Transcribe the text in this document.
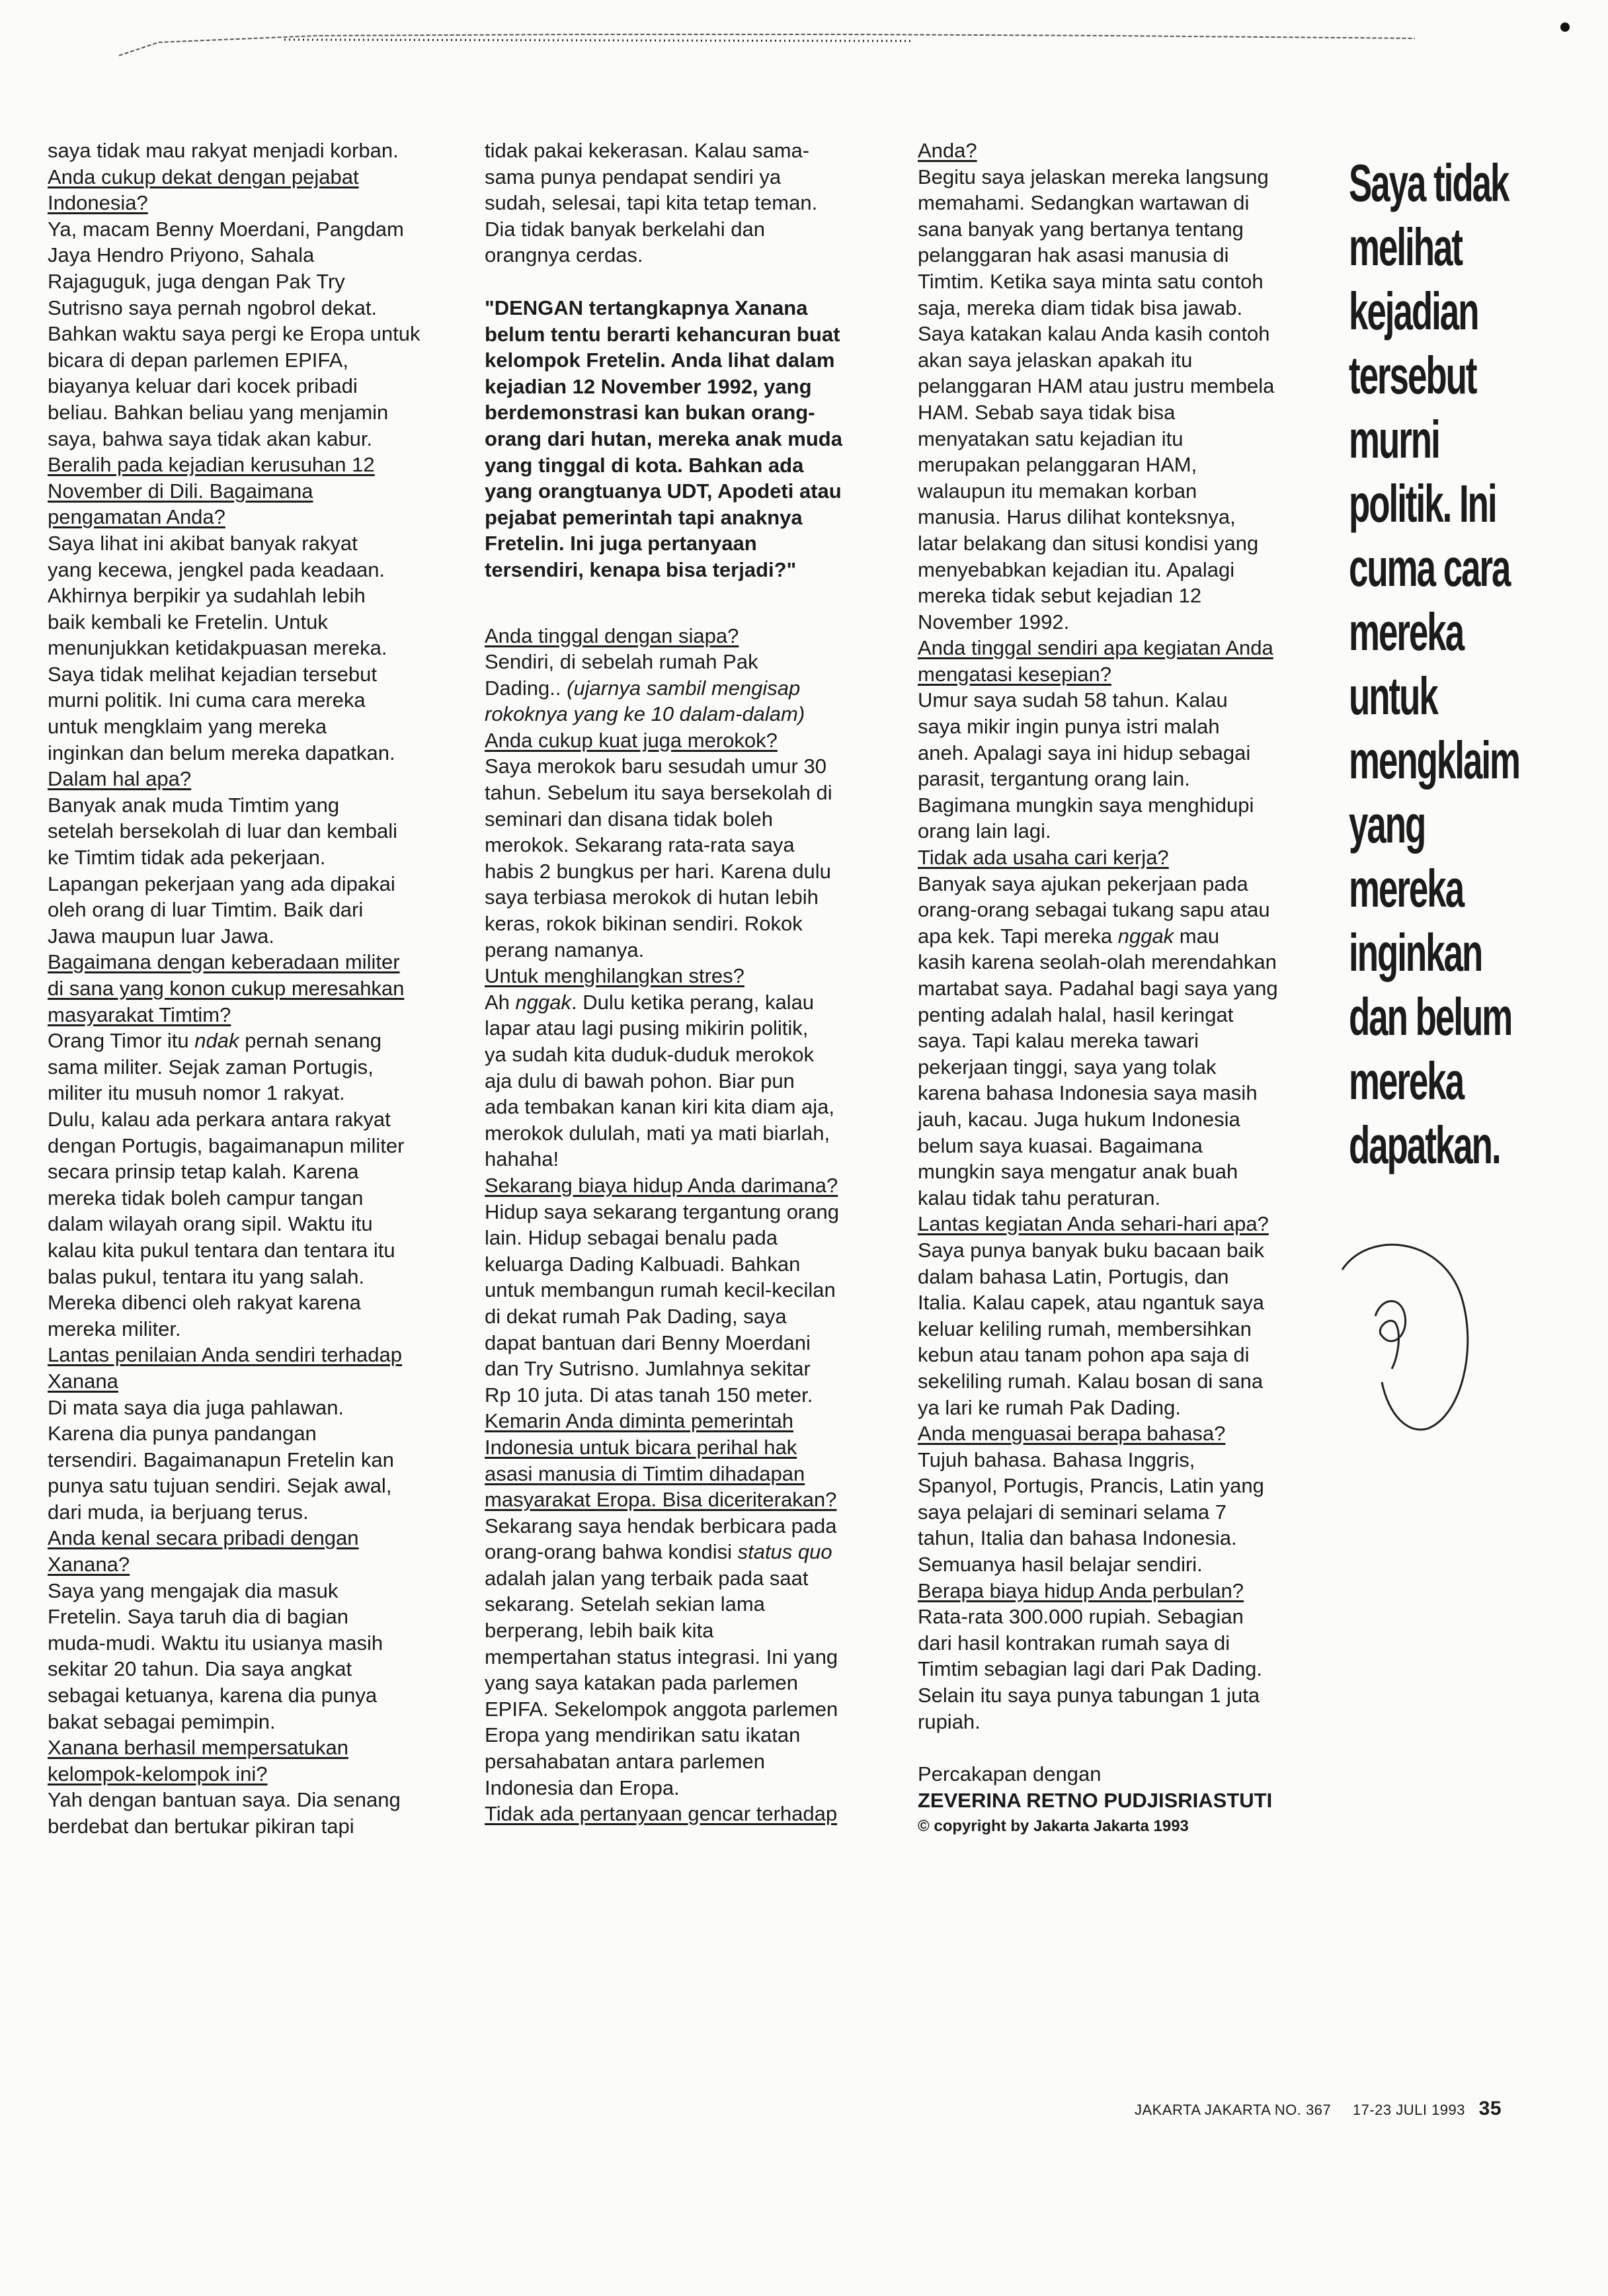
saya tidak mau rakyat menjadi korban.

Anda cukup dekat dengan pejabat

Indonesia?

Ya, macam Benny Moerdani, Pangdam

Jaya Hendro Priyono, Sahala

Rajaguguk, juga dengan Pak Try

Sutrisno saya pernah ngobrol dekat.

Bahkan waktu saya pergi ke Eropa untuk

bicara di depan parlemen EPIFA,

biayanya keluar dari kocek pribadi

beliau. Bahkan beliau yang menjamin

saya, bahwa saya tidak akan kabur.

Beralih pada kejadian kerusuhan 12

November di Dili. Bagaimana

pengamatan Anda?

Saya lihat ini akibat banyak rakyat

yang kecewa, jengkel pada keadaan.

Akhirnya berpikir ya sudahlah lebih

baik kembali ke Fretelin. Untuk

menunjukkan ketidakpuasan mereka.

Saya tidak melihat kejadian tersebut

murni politik. Ini cuma cara mereka

untuk mengklaim yang mereka

inginkan dan belum mereka dapatkan.

Dalam hal apa?

Banyak anak muda Timtim yang

setelah bersekolah di luar dan kembali

ke Timtim tidak ada pekerjaan.

Lapangan pekerjaan yang ada dipakai

oleh orang di luar Timtim. Baik dari

Jawa maupun luar Jawa.

Bagaimana dengan keberadaan militer

di sana yang konon cukup meresahkan

masyarakat Timtim?

Orang Timor itu ndak pernah senang

sama militer. Sejak zaman Portugis,

militer itu musuh nomor 1 rakyat.

Dulu, kalau ada perkara antara rakyat

dengan Portugis, bagaimanapun militer

secara prinsip tetap kalah. Karena

mereka tidak boleh campur tangan

dalam wilayah orang sipil. Waktu itu

kalau kita pukul tentara dan tentara itu

balas pukul, tentara itu yang salah.

Mereka dibenci oleh rakyat karena

mereka militer.

Lantas penilaian Anda sendiri terhadap

Xanana

Di mata saya dia juga pahlawan.

Karena dia punya pandangan

tersendiri. Bagaimanapun Fretelin kan

punya satu tujuan sendiri. Sejak awal,

dari muda, ia berjuang terus.

Anda kenal secara pribadi dengan

Xanana?

Saya yang mengajak dia masuk

Fretelin. Saya taruh dia di bagian

muda-mudi. Waktu itu usianya masih

sekitar 20 tahun. Dia saya angkat

sebagai ketuanya, karena dia punya

bakat sebagai pemimpin.

Xanana berhasil mempersatukan

kelompok-kelompok ini?

Yah dengan bantuan saya. Dia senang

berdebat dan bertukar pikiran tapi

tidak pakai kekerasan. Kalau sama-

sama punya pendapat sendiri ya

sudah, selesai, tapi kita tetap teman.

Dia tidak banyak berkelahi dan

orangnya cerdas.

"DENGAN tertangkapnya Xanana

belum tentu berarti kehancuran buat

kelompok Fretelin. Anda lihat dalam

kejadian 12 November 1992, yang

berdemonstrasi kan bukan orang-

orang dari hutan, mereka anak muda

yang tinggal di kota. Bahkan ada

yang orangtuanya UDT, Apodeti atau

pejabat pemerintah tapi anaknya

Fretelin. Ini juga pertanyaan

tersendiri, kenapa bisa terjadi?"

Anda tinggal dengan siapa?

Sendiri, di sebelah rumah Pak

Dading.. (ujarnya sambil mengisap

rokoknya yang ke 10 dalam-dalam)

Anda cukup kuat juga merokok?

Saya merokok baru sesudah umur 30

tahun. Sebelum itu saya bersekolah di

seminari dan disana tidak boleh

merokok. Sekarang rata-rata saya

habis 2 bungkus per hari. Karena dulu

saya terbiasa merokok di hutan lebih

keras, rokok bikinan sendiri. Rokok

perang namanya.

Untuk menghilangkan stres?

Ah nggak. Dulu ketika perang, kalau

lapar atau lagi pusing mikirin politik,

ya sudah kita duduk-duduk merokok

aja dulu di bawah pohon. Biar pun

ada tembakan kanan kiri kita diam aja,

merokok dululah, mati ya mati biarlah,

hahaha!

Sekarang biaya hidup Anda darimana?

Hidup saya sekarang tergantung orang

lain. Hidup sebagai benalu pada

keluarga Dading Kalbuadi. Bahkan

untuk membangun rumah kecil-kecilan

di dekat rumah Pak Dading, saya

dapat bantuan dari Benny Moerdani

dan Try Sutrisno. Jumlahnya sekitar

Rp 10 juta. Di atas tanah 150 meter.

Kemarin Anda diminta pemerintah

Indonesia untuk bicara perihal hak

asasi manusia di Timtim dihadapan

masyarakat Eropa. Bisa diceriterakan?

Sekarang saya hendak berbicara pada

orang-orang bahwa kondisi status quo

adalah jalan yang terbaik pada saat

sekarang. Setelah sekian lama

berperang, lebih baik kita

mempertahan status integrasi. Ini yang

yang saya katakan pada parlemen

EPIFA. Sekelompok anggota parlemen

Eropa yang mendirikan satu ikatan

persahabatan antara parlemen

Indonesia dan Eropa.

Tidak ada pertanyaan gencar terhadap

Anda?

Begitu saya jelaskan mereka langsung

memahami. Sedangkan wartawan di

sana banyak yang bertanya tentang

pelanggaran hak asasi manusia di

Timtim. Ketika saya minta satu contoh

saja, mereka diam tidak bisa jawab.

Saya katakan kalau Anda kasih contoh

akan saya jelaskan apakah itu

pelanggaran HAM atau justru membela

HAM. Sebab saya tidak bisa

menyatakan satu kejadian itu

merupakan pelanggaran HAM,

walaupun itu memakan korban

manusia. Harus dilihat konteksnya,

latar belakang dan situsi kondisi yang

menyebabkan kejadian itu. Apalagi

mereka tidak sebut kejadian 12

November 1992.

Anda tinggal sendiri apa kegiatan Anda

mengatasi kesepian?

Umur saya sudah 58 tahun. Kalau

saya mikir ingin punya istri malah

aneh. Apalagi saya ini hidup sebagai

parasit, tergantung orang lain.

Bagimana mungkin saya menghidupi

orang lain lagi.

Tidak ada usaha cari kerja?

Banyak saya ajukan pekerjaan pada

orang-orang sebagai tukang sapu atau

apa kek. Tapi mereka nggak mau

kasih karena seolah-olah merendahkan

martabat saya. Padahal bagi saya yang

penting adalah halal, hasil keringat

saya. Tapi kalau mereka tawari

pekerjaan tinggi, saya yang tolak

karena bahasa Indonesia saya masih

jauh, kacau. Juga hukum Indonesia

belum saya kuasai. Bagaimana

mungkin saya mengatur anak buah

kalau tidak tahu peraturan.

Lantas kegiatan Anda sehari-hari apa?

Saya punya banyak buku bacaan baik

dalam bahasa Latin, Portugis, dan

Italia. Kalau capek, atau ngantuk saya

keluar keliling rumah, membersihkan

kebun atau tanam pohon apa saja di

sekeliling rumah. Kalau bosan di sana

ya lari ke rumah Pak Dading.

Anda menguasai berapa bahasa?

Tujuh bahasa. Bahasa Inggris,

Spanyol, Portugis, Prancis, Latin yang

saya pelajari di seminari selama 7

tahun, Italia dan bahasa Indonesia.

Semuanya hasil belajar sendiri.

Berapa biaya hidup Anda perbulan?

Rata-rata 300.000 rupiah. Sebagian

dari hasil kontrakan rumah saya di

Timtim sebagian lagi dari Pak Dading.

Selain itu saya punya tabungan 1 juta

rupiah.

Percakapan dengan

ZEVERINA RETNO PUDJISRIASTUTI

© copyright by Jakarta Jakarta 1993

Saya tidak
melihat
kejadian
tersebut
murni
politik. Ini
cuma cara
mereka
untuk
mengklaim
yang
mereka
inginkan
dan belum
mereka
dapatkan.
JAKARTA JAKARTA NO. 367 17-23 JULI 1993 35
